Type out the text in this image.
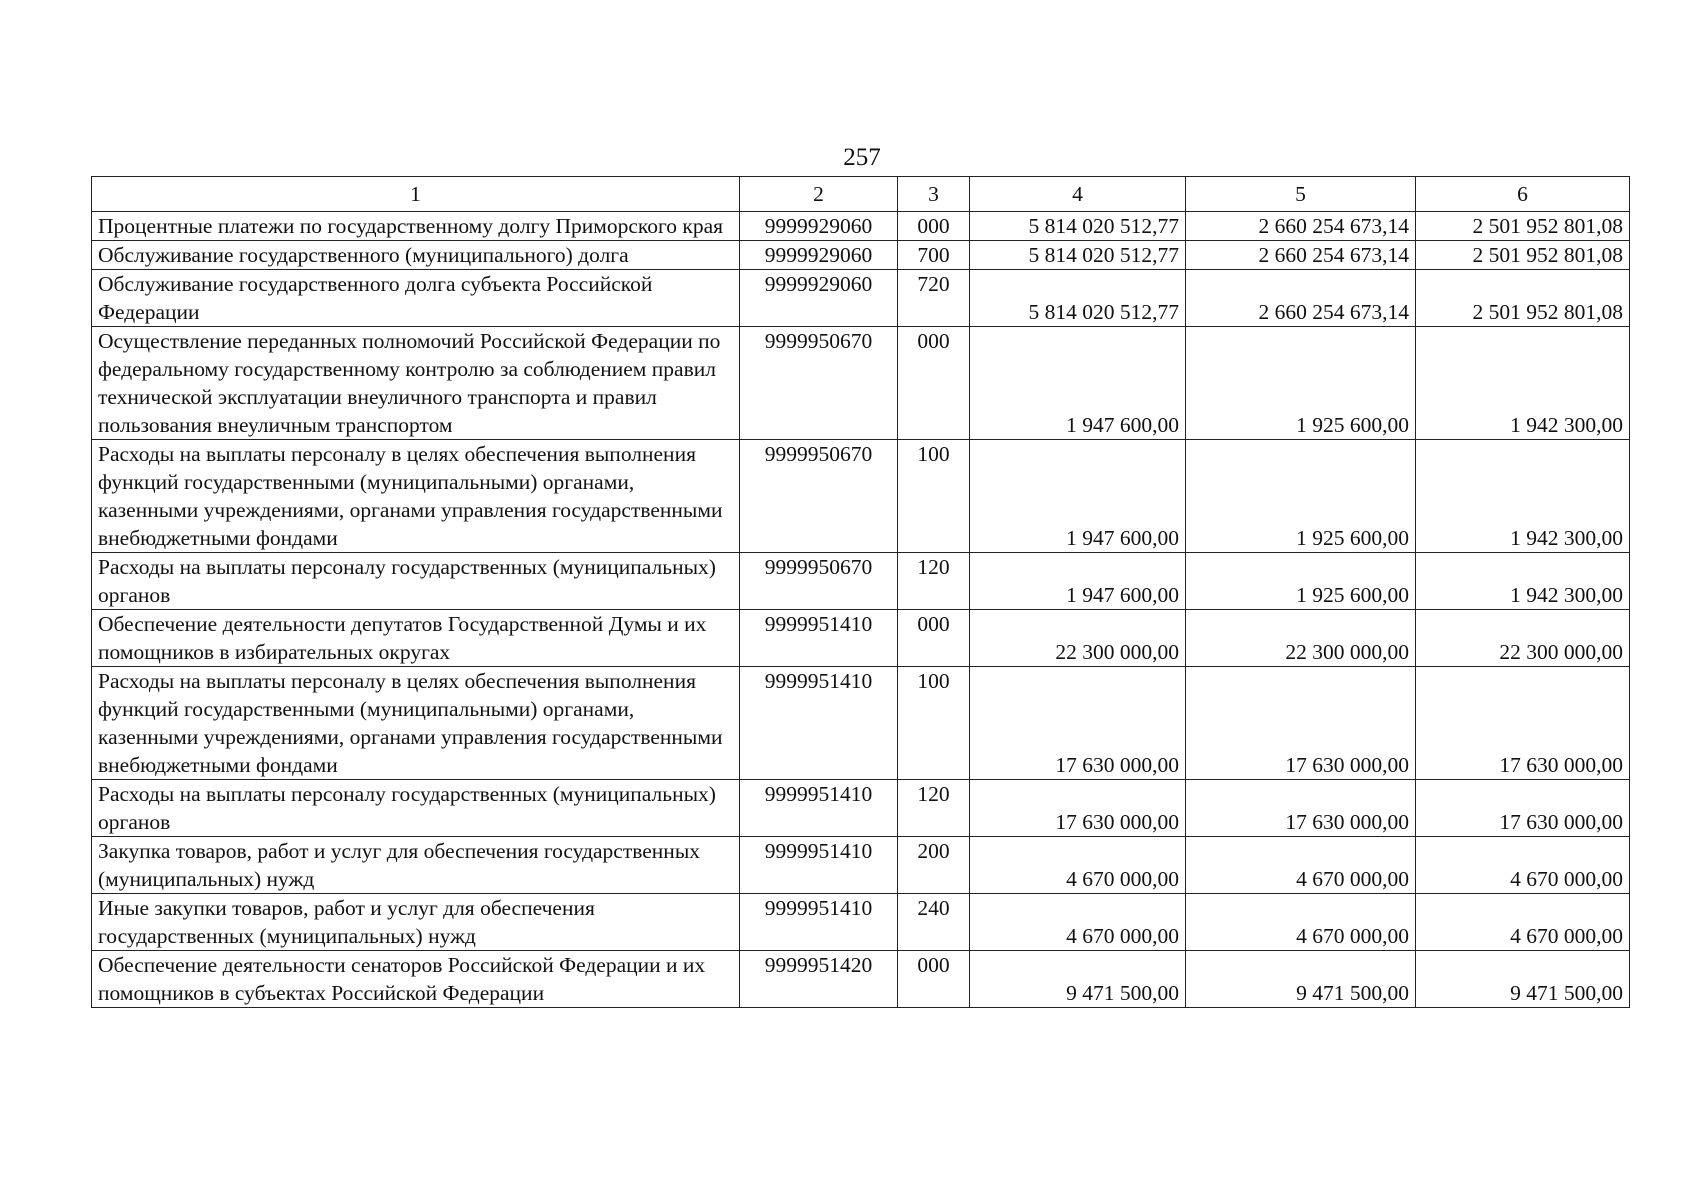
257
1	2	3	4	5	6
Процентные платежи по государственному долгу Приморского края	9999929060	000	5 814 020 512,77	2 660 254 673,14	2 501 952 801,08
Обслуживание государственного (муниципального) долга	9999929060	700	5 814 020 512,77	2 660 254 673,14	2 501 952 801,08
Обслуживание государственного долга субъекта Российской Федерации	9999929060	720	5 814 020 512,77	2 660 254 673,14	2 501 952 801,08
Осуществление переданных полномочий Российской Федерации по федеральному государственному контролю за соблюдением правил технической эксплуатации внеуличного транспорта и правил пользования внеуличным транспортом	9999950670	000	1 947 600,00	1 925 600,00	1 942 300,00
Расходы на выплаты персоналу в целях обеспечения выполнения функций государственными (муниципальными) органами, казенными учреждениями, органами управления государственными внебюджетными фондами	9999950670	100	1 947 600,00	1 925 600,00	1 942 300,00
Расходы на выплаты персоналу государственных (муниципальных) органов	9999950670	120	1 947 600,00	1 925 600,00	1 942 300,00
Обеспечение деятельности депутатов Государственной Думы и их помощников в избирательных округах	9999951410	000	22 300 000,00	22 300 000,00	22 300 000,00
Расходы на выплаты персоналу в целях обеспечения выполнения функций государственными (муниципальными) органами, казенными учреждениями, органами управления государственными внебюджетными фондами	9999951410	100	17 630 000,00	17 630 000,00	17 630 000,00
Расходы на выплаты персоналу государственных (муниципальных) органов	9999951410	120	17 630 000,00	17 630 000,00	17 630 000,00
Закупка товаров, работ и услуг для обеспечения государственных (муниципальных) нужд	9999951410	200	4 670 000,00	4 670 000,00	4 670 000,00
Иные закупки товаров, работ и услуг для обеспечения государственных (муниципальных) нужд	9999951410	240	4 670 000,00	4 670 000,00	4 670 000,00
Обеспечение деятельности сенаторов Российской Федерации и их помощников в субъектах Российской Федерации	9999951420	000	9 471 500,00	9 471 500,00	9 471 500,00
